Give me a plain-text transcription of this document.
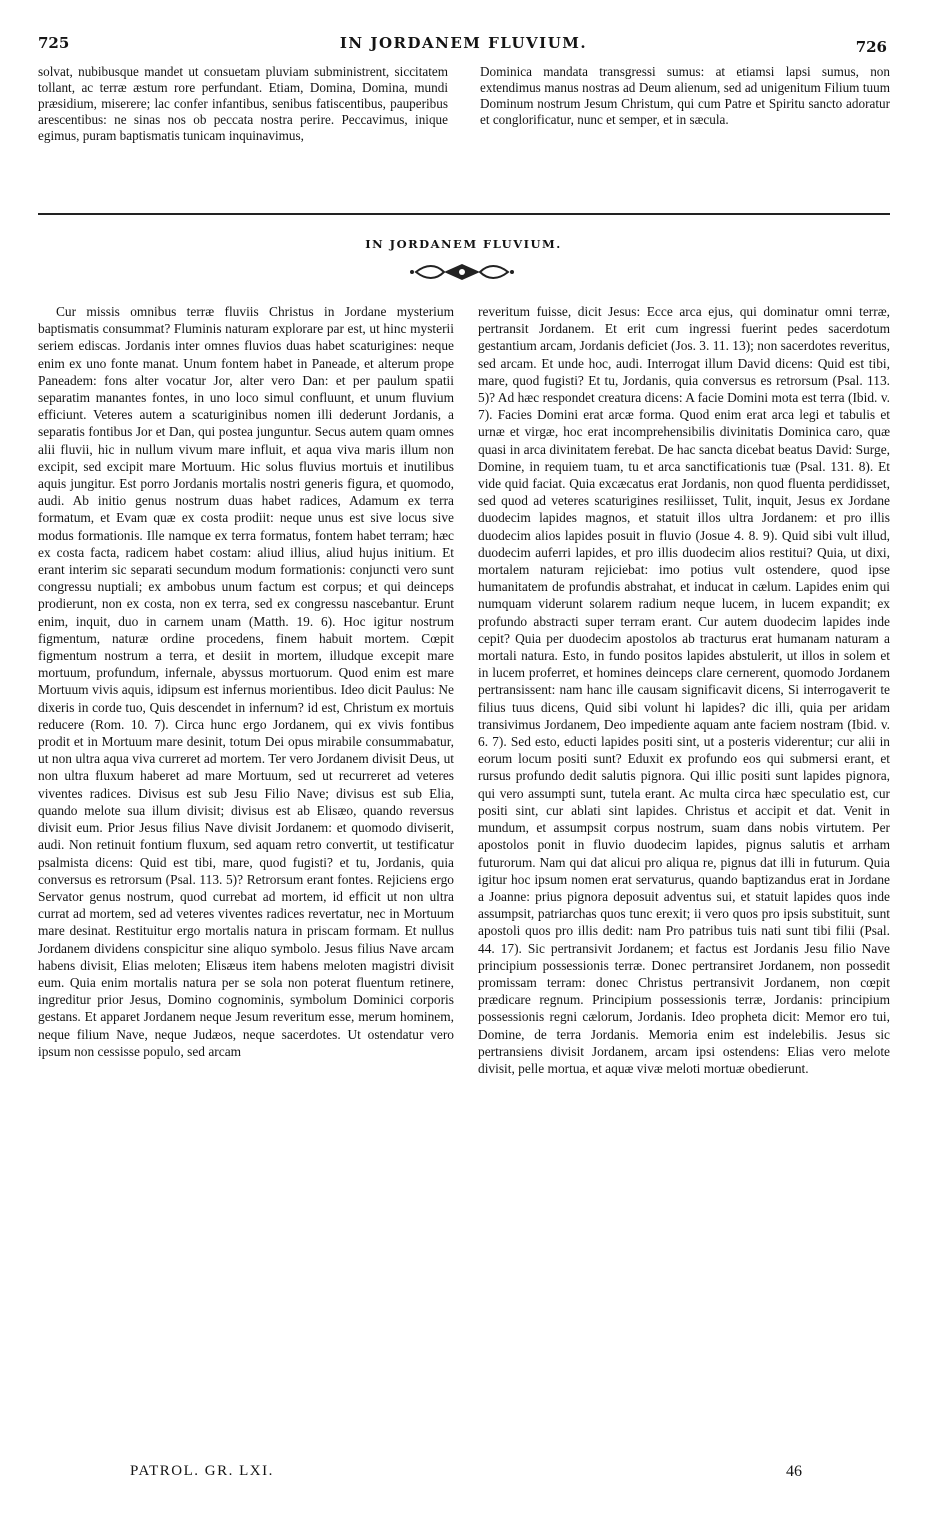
725	IN JORDANEM FLUVIUM.	726
solvat, nubibusque mandet ut consuetam pluviam subministrent, siccitatem tollant, ac terræ æstum rore perfundant. Etiam, Domina, Domina, mundi præsidium, miserere; lac confer infantibus, senibus fatiscentibus, pauperibus arescentibus: ne sinas nos ob peccata nostra perire. Peccavimus, inique egimus, puram baptismatis tunicam inquinavimus,
Dominica mandata transgressi sumus: at etiamsi lapsi sumus, non extendimus manus nostras ad Deum alienum, sed ad unigenitum Filium tuum Dominum nostrum Jesum Christum, qui cum Patre et Spiritu sancto adoratur et conglorificatur, nunc et semper, et in sæcula.
IN JORDANEM FLUVIUM.
Cur missis omnibus terræ fluviis Christus in Jordane mysterium baptismatis consummat? Fluminis naturam explorare par est, ut hinc mysterii seriem ediscas. Jordanis inter omnes fluvios duas habet scaturigines: neque enim ex uno fonte manat. Unum fontem habet in Paneade, et alterum prope Paneadem: fons alter vocatur Jor, alter vero Dan: et per paulum spatii separatim manantes fontes, in uno loco simul confluunt, et unum fluvium efficiunt. Veteres autem a scaturiginibus nomen illi dederunt Jordanis, a separatis fontibus Jor et Dan, qui postea junguntur. Secus autem quam omnes alii fluvii, hic in nullum vivum mare influit, et aqua viva maris illum non excipit, sed excipit mare Mortuum. Hic solus fluvius mortuis et inutilibus aquis jungitur. Est porro Jordanis mortalis nostri generis figura, et quomodo, audi. Ab initio genus nostrum duas habet radices, Adamum ex terra formatum, et Evam quæ ex costa prodiit: neque unus est sive locus sive modus formationis. Ille namque ex terra formatus, fontem habet terram; hæc ex costa facta, radicem habet costam: aliud illius, aliud hujus initium. Et erant interim sic separati secundum modum formationis: conjuncti vero sunt congressu nuptiali; ex ambobus unum factum est corpus; et qui deinceps prodierunt, non ex costa, non ex terra, sed ex congressu nascebantur. Erunt enim, inquit, duo in carnem unam (Matth. 19. 6). Hoc igitur nostrum figmentum, naturæ ordine procedens, finem habuit mortem. Cœpit figmentum nostrum a terra, et desiit in mortem, illudque excepit mare mortuum, profundum, infernale, abyssus mortuorum. Quod enim est mare Mortuum vivis aquis, idipsum est infernus morientibus. Ideo dicit Paulus: Ne dixeris in corde tuo, Quis descendet in infernum? id est, Christum ex mortuis reducere (Rom. 10. 7). Circa hunc ergo Jordanem, qui ex vivis fontibus prodit et in Mortuum mare desinit, totum Dei opus mirabile consummabatur, ut non ultra aqua viva curreret ad mortem. Ter vero Jordanem divisit Deus, ut non ultra fluxum haberet ad mare Mortuum, sed ut recurreret ad veteres viventes radices. Divisus est sub Jesu Filio Nave; divisus est sub Elia, quando melote sua illum divisit; divisus est ab Elisæo, quando reversus divisit eum. Prior Jesus filius Nave divisit Jordanem: et quomodo diviserit, audi. Non retinuit fontium fluxum, sed aquam retro convertit, ut testificatur psalmista dicens: Quid est tibi, mare, quod fugisti? et tu, Jordanis, quia conversus es retrorsum (Psal. 113. 5)? Retrorsum erant fontes. Rejiciens ergo Servator genus nostrum, quod currebat ad mortem, id efficit ut non ultra currat ad mortem, sed ad veteres viventes radices revertatur, nec in Mortuum mare desinat. Restituitur ergo mortalis natura in priscam formam. Et nullus Jordanem dividens conspicitur sine aliquo symbolo. Jesus filius Nave arcam habens divisit, Elias meloten; Elisæus item habens meloten magistri divisit eum. Quia enim mortalis natura per se sola non poterat fluentum retinere, ingreditur prior Jesus, Domino cognominis, symbolum Dominici corporis gestans. Et apparet Jordanem neque Jesum reveritum esse, merum hominem, neque filium Nave, neque Judæos, neque sacerdotes. Ut ostendatur vero ipsum non cessisse populo, sed arcam
reveritum fuisse, dicit Jesus: Ecce arca ejus, qui dominatur omni terræ, pertransit Jordanem. Et erit cum ingressi fuerint pedes sacerdotum gestantium arcam, Jordanis deficiet (Jos. 3. 11. 13); non sacerdotes reveritus, sed arcam. Et unde hoc, audi. Interrogat illum David dicens: Quid est tibi, mare, quod fugisti? Et tu, Jordanis, quia conversus es retrorsum (Psal. 113. 5)? Ad hæc respondet creatura dicens: A facie Domini mota est terra (Ibid. v. 7). Facies Domini erat arcæ forma. Quod enim erat arca legi et tabulis et urnæ et virgæ, hoc erat incomprehensibilis divinitatis Dominica caro, quæ quasi in arca divinitatem ferebat. De hac sancta dicebat beatus David: Surge, Domine, in requiem tuam, tu et arca sanctificationis tuæ (Psal. 131. 8). Et vide quid faciat. Quia excæcatus erat Jordanis, non quod fluenta perdidisset, sed quod ad veteres scaturigines resiliisset, Tulit, inquit, Jesus ex Jordane duodecim lapides magnos, et statuit illos ultra Jordanem: et pro illis duodecim alios lapides posuit in fluvio (Josue 4. 8. 9). Quid sibi vult illud, duodecim auferri lapides, et pro illis duodecim alios restitui? Quia, ut dixi, mortalem naturam rejiciebat: imo potius vult ostendere, quod ipse humanitatem de profundis abstrahat, et inducat in cælum. Lapides enim qui numquam viderunt solarem radium neque lucem, in lucem expandit; ex profundo abstracti super terram erant. Cur autem duodecim lapides inde cepit? Quia per duodecim apostolos ab tracturus erat humanam naturam a mortali natura. Esto, in fundo positos lapides abstulerit, ut illos in solem et in lucem proferret, et homines deinceps clare cernerent, quomodo Jordanem pertransissent: nam hanc ille causam significavit dicens, Si interrogaverit te filius tuus dicens, Quid sibi volunt hi lapides? dic illi, quia per aridam transivimus Jordanem, Deo impediente aquam ante faciem nostram (Ibid. v. 6. 7). Sed esto, educti lapides positi sint, ut a posteris viderentur; cur alii in eorum locum positi sunt? Eduxit ex profundo eos qui submersi erant, et rursus profundo dedit salutis pignora. Qui illic positi sunt lapides pignora, qui vero assumpti sunt, tutela erant. Ac multa circa hæc speculatio est, cur positi sint, cur ablati sint lapides. Christus et accipit et dat. Venit in mundum, et assumpsit corpus nostrum, suam dans nobis virtutem. Per apostolos ponit in fluvio duodecim lapides, pignus salutis et arrham futurorum. Nam qui dat alicui pro aliqua re, pignus dat illi in futurum. Quia igitur hoc ipsum nomen erat servaturus, quando baptizandus erat in Jordane a Joanne: prius pignora deposuit adventus sui, et statuit lapides quos inde assumpsit, patriarchas quos tunc erexit; ii vero quos pro ipsis substituit, sunt apostoli quos pro illis dedit: nam Pro patribus tuis nati sunt tibi filii (Psal. 44. 17). Sic pertransivit Jordanem; et factus est Jordanis Jesu filio Nave principium possessionis terræ. Donec pertransiret Jordanem, non possedit promissam terram: donec Christus pertransivit Jordanem, non cœpit prædicare regnum. Principium possessionis terræ, Jordanis: principium possessionis regni cælorum, Jordanis. Ideo propheta dicit: Memor ero tui, Domine, de terra Jordanis. Memoria enim est indelebilis. Jesus sic pertransiens divisit Jordanem, arcam ipsi ostendens: Elias vero melote divisit, pelle mortua, et aquæ vivæ meloti mortuæ obedierunt.
PATROL. GR. LXI.	46
